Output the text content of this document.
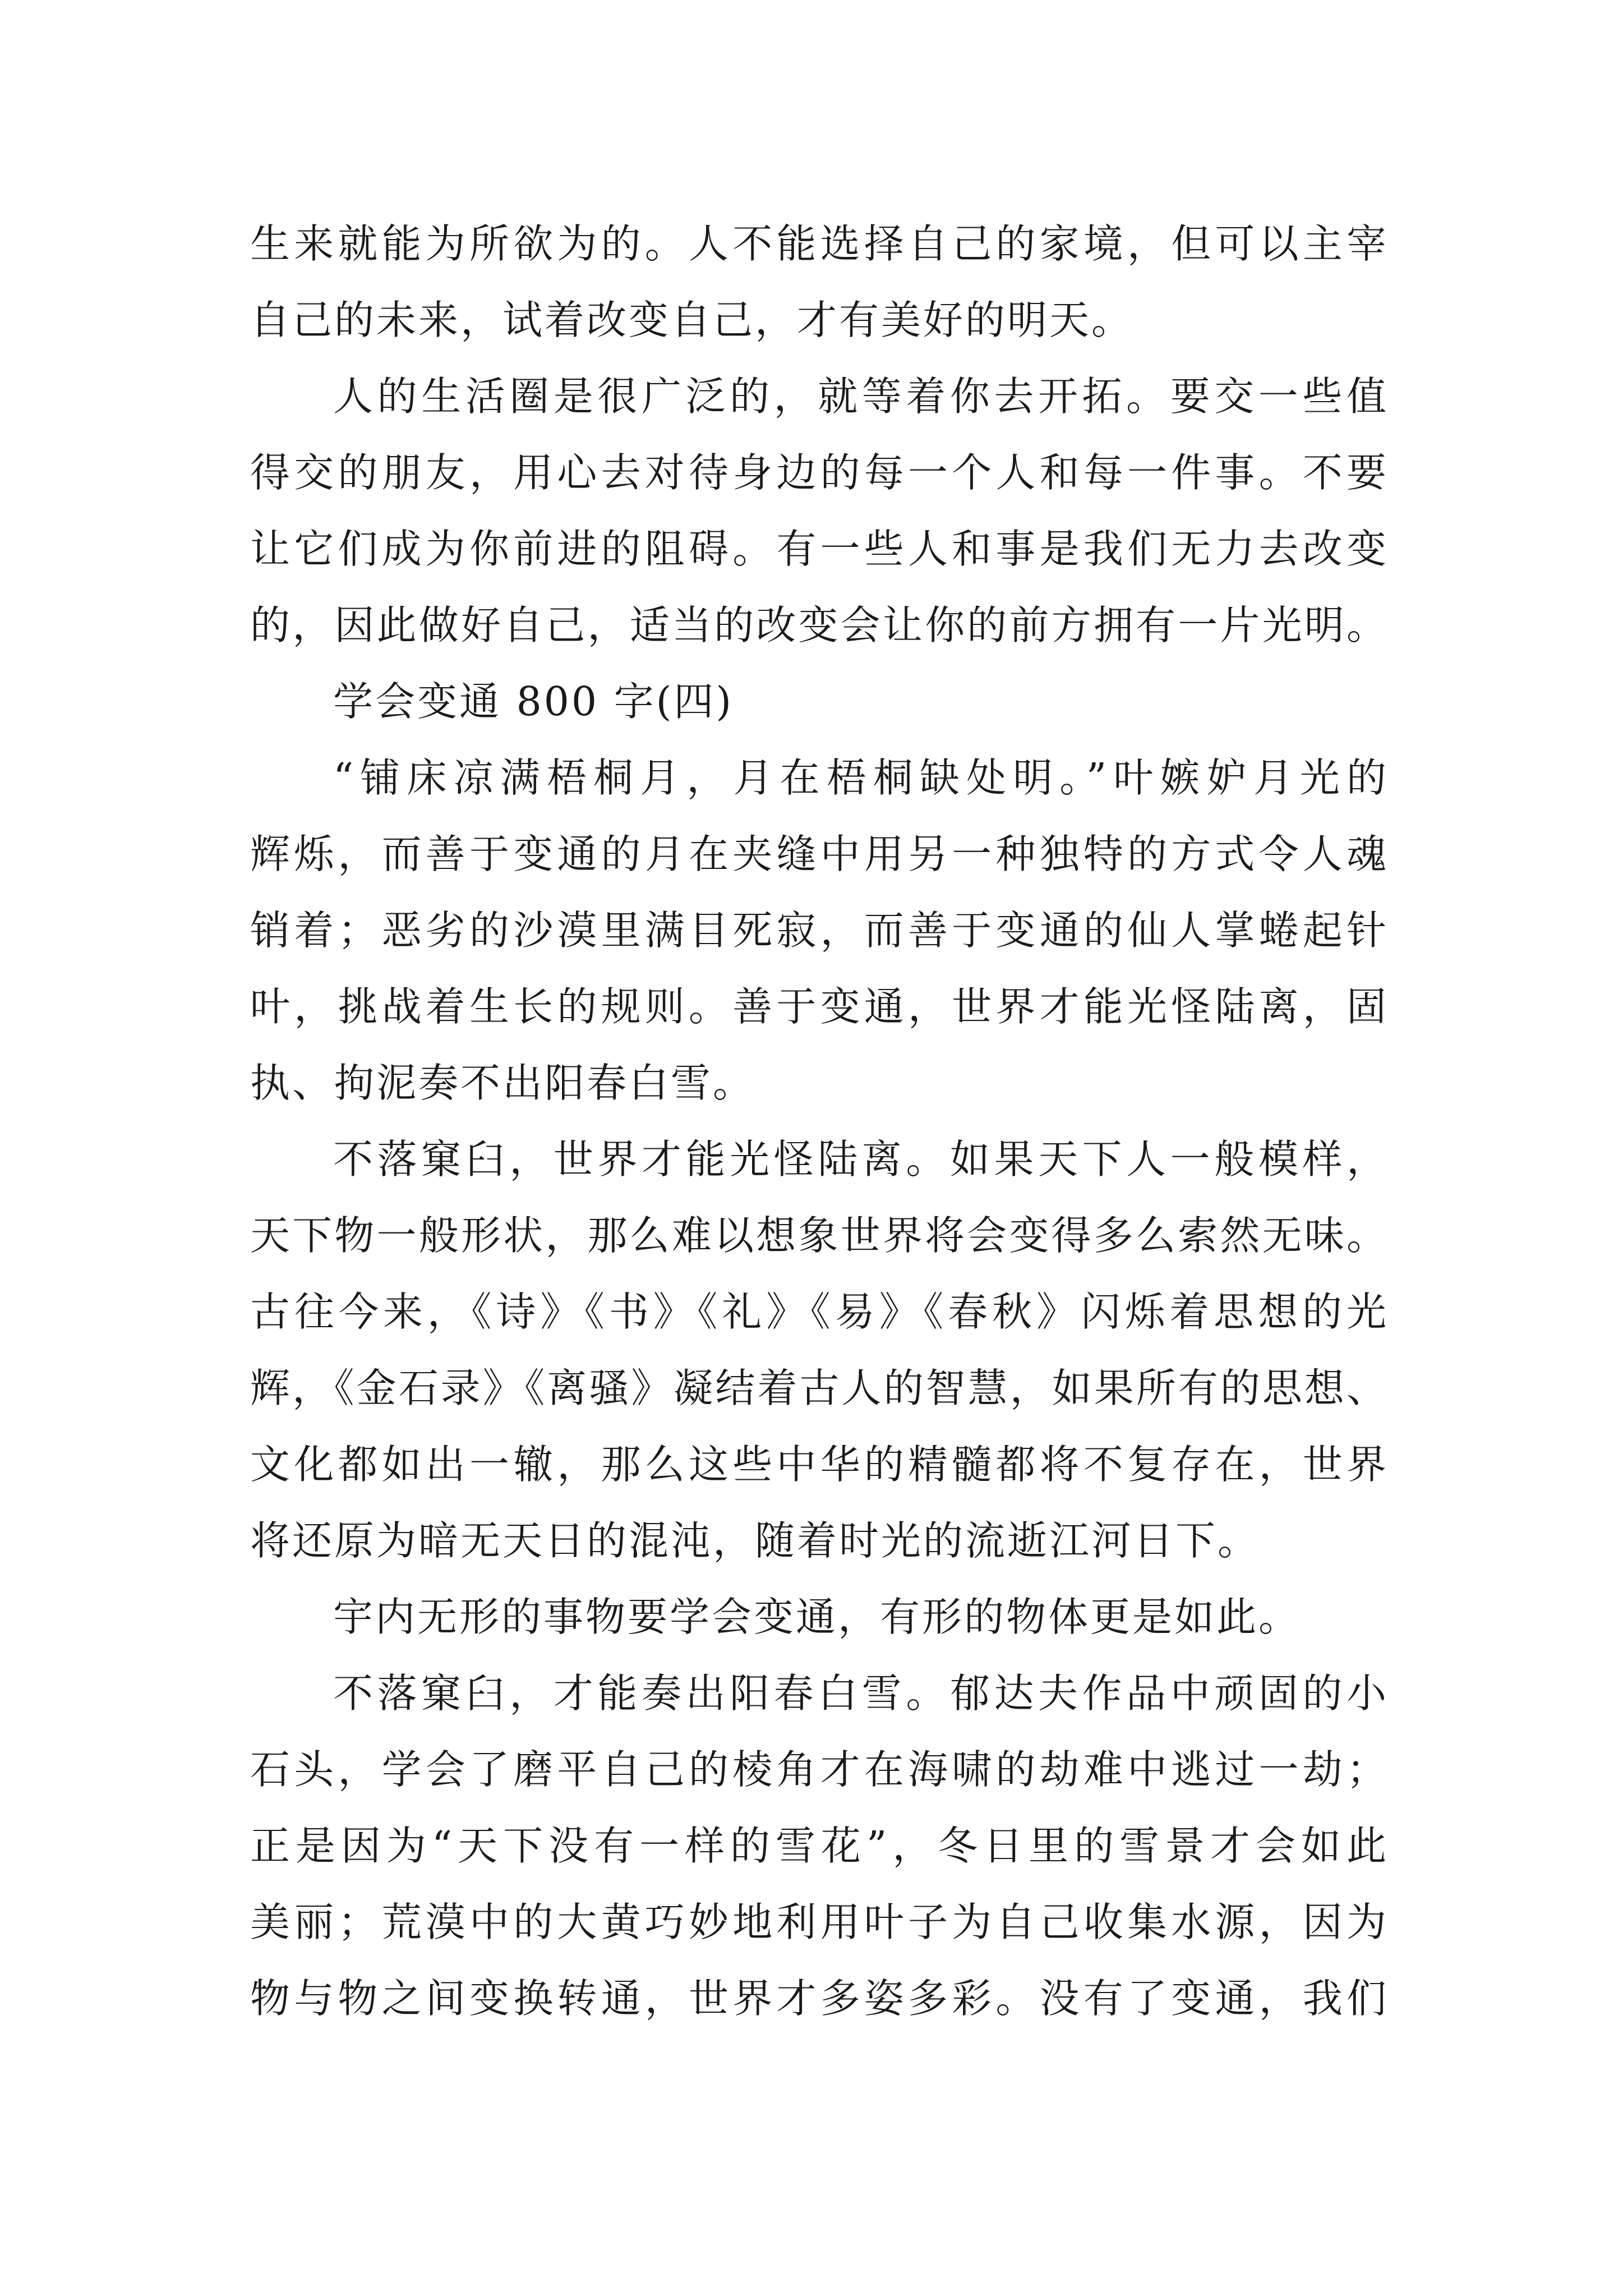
生来就能为所欲为的。人不能选择自己的家境，但可以主宰
自己的未来，试着改变自己，才有美好的明天。
人的生活圈是很广泛的，就等着你去开拓。要交一些值
得交的朋友，用心去对待身边的每一个人和每一件事。不要
让它们成为你前进的阻碍。有一些人和事是我们无力去改变
的，因此做好自己，适当的改变会让你的前方拥有一片光明。
学会变通 800 字(四)
“铺床凉满梧桐月，月在梧桐缺处明。”叶嫉妒月光的
辉烁，而善于变通的月在夹缝中用另一种独特的方式令人魂
销着；恶劣的沙漠里满目死寂，而善于变通的仙人掌蜷起针
叶，挑战着生长的规则。善于变通，世界才能光怪陆离，固
执、拘泥奏不出阳春白雪。
不落窠臼，世界才能光怪陆离。如果天下人一般模样，
天下物一般形状，那么难以想象世界将会变得多么索然无味。
古往今来，《诗》《书》《礼》《易》《春秋》闪烁着思想的光
辉，《金石录》《离骚》凝结着古人的智慧，如果所有的思想、
文化都如出一辙，那么这些中华的精髓都将不复存在，世界
将还原为暗无天日的混沌，随着时光的流逝江河日下。
宇内无形的事物要学会变通，有形的物体更是如此。
不落窠臼，才能奏出阳春白雪。郁达夫作品中顽固的小
石头，学会了磨平自己的棱角才在海啸的劫难中逃过一劫；
正是因为“天下没有一样的雪花”，冬日里的雪景才会如此
美丽；荒漠中的大黄巧妙地利用叶子为自己收集水源，因为
物与物之间变换转通，世界才多姿多彩。没有了变通，我们
